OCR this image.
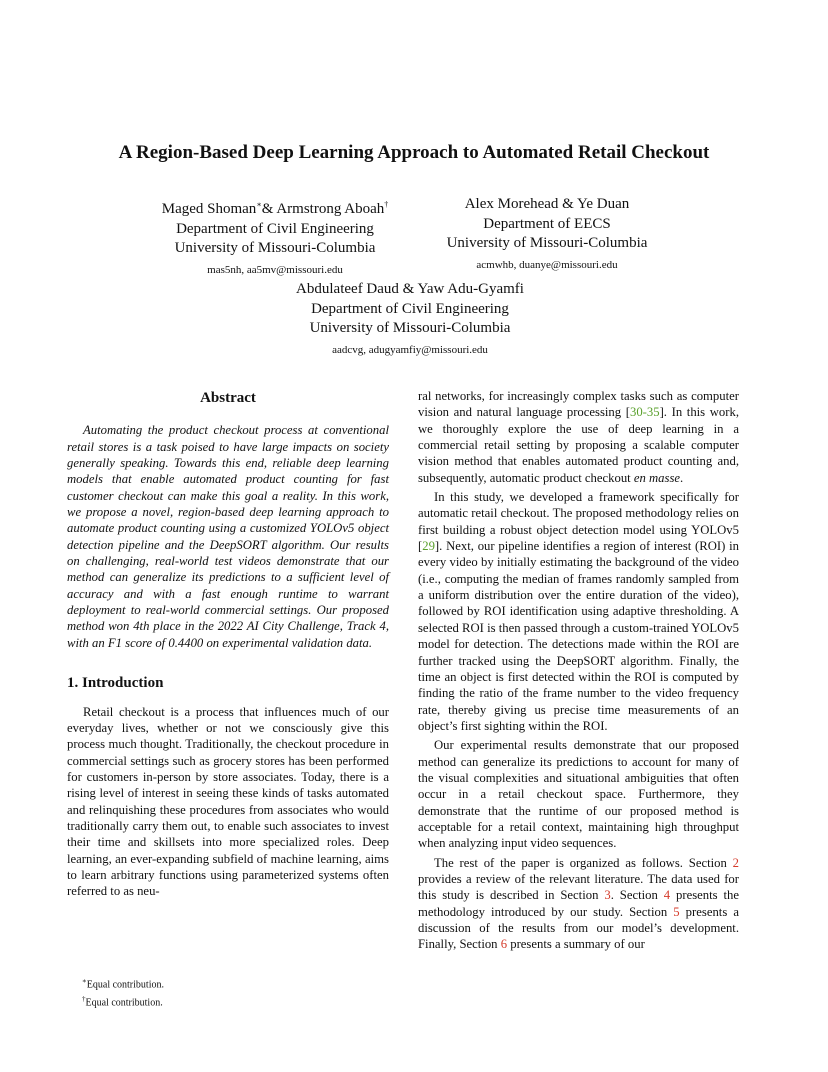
A Region-Based Deep Learning Approach to Automated Retail Checkout
Maged Shoman∗& Armstrong Aboah†
Department of Civil Engineering
University of Missouri-Columbia
mas5nh, aa5mv@missouri.edu
Alex Morehead & Ye Duan
Department of EECS
University of Missouri-Columbia
acmwhb, duanye@missouri.edu
Abdulateef Daud & Yaw Adu-Gyamfi
Department of Civil Engineering
University of Missouri-Columbia
aadcvg, adugyamfiy@missouri.edu
Abstract

Automating the product checkout process at conventional retail stores is a task poised to have large impacts on society generally speaking. Towards this end, reliable deep learning models that enable automated product counting for fast customer checkout can make this goal a reality. In this work, we propose a novel, region-based deep learning approach to automate product counting using a customized YOLOv5 object detection pipeline and the DeepSORT algorithm. Our results on challenging, real-world test videos demonstrate that our method can generalize its predictions to a sufficient level of accuracy and with a fast enough runtime to warrant deployment to real-world commercial settings. Our proposed method won 4th place in the 2022 AI City Challenge, Track 4, with an F1 score of 0.4400 on experimental validation data.

1. Introduction

Retail checkout is a process that influences much of our everyday lives, whether or not we consciously give this process much thought. Traditionally, the checkout procedure in commercial settings such as grocery stores has been performed for customers in-person by store associates. Today, there is a rising level of interest in seeing these kinds of tasks automated and relinquishing these procedures from associates who would traditionally carry them out, to enable such associates to invest their time and skillsets into more specialized roles. Deep learning, an ever-expanding subfield of machine learning, aims to learn arbitrary functions using parameterized systems often referred to as neu-

ral networks, for increasingly complex tasks such as computer vision and natural language processing [30-35]. In this work, we thoroughly explore the use of deep learning in a commercial retail setting by proposing a scalable computer vision method that enables automated product counting and, subsequently, automatic product checkout en masse.

In this study, we developed a framework specifically for automatic retail checkout. The proposed methodology relies on first building a robust object detection model using YOLOv5 [29]. Next, our pipeline identifies a region of interest (ROI) in every video by initially estimating the background of the video (i.e., computing the median of frames randomly sampled from a uniform distribution over the entire duration of the video), followed by ROI identification using adaptive thresholding. A selected ROI is then passed through a custom-trained YOLOv5 model for detection. The detections made within the ROI are further tracked using the DeepSORT algorithm. Finally, the time an object is first detected within the ROI is computed by finding the ratio of the frame number to the video frequency rate, thereby giving us precise time measurements of an object’s first sighting within the ROI.

Our experimental results demonstrate that our proposed method can generalize its predictions to account for many of the visual complexities and situational ambiguities that often occur in a retail checkout space. Furthermore, they demonstrate that the runtime of our proposed method is acceptable for a retail context, maintaining high throughput when analyzing input video sequences.

The rest of the paper is organized as follows. Section 2 provides a review of the relevant literature. The data used for this study is described in Section 3. Section 4 presents the methodology introduced by our study. Section 5 presents a discussion of the results from our model’s development. Finally, Section 6 presents a summary of our

∗Equal contribution.
†Equal contribution.
